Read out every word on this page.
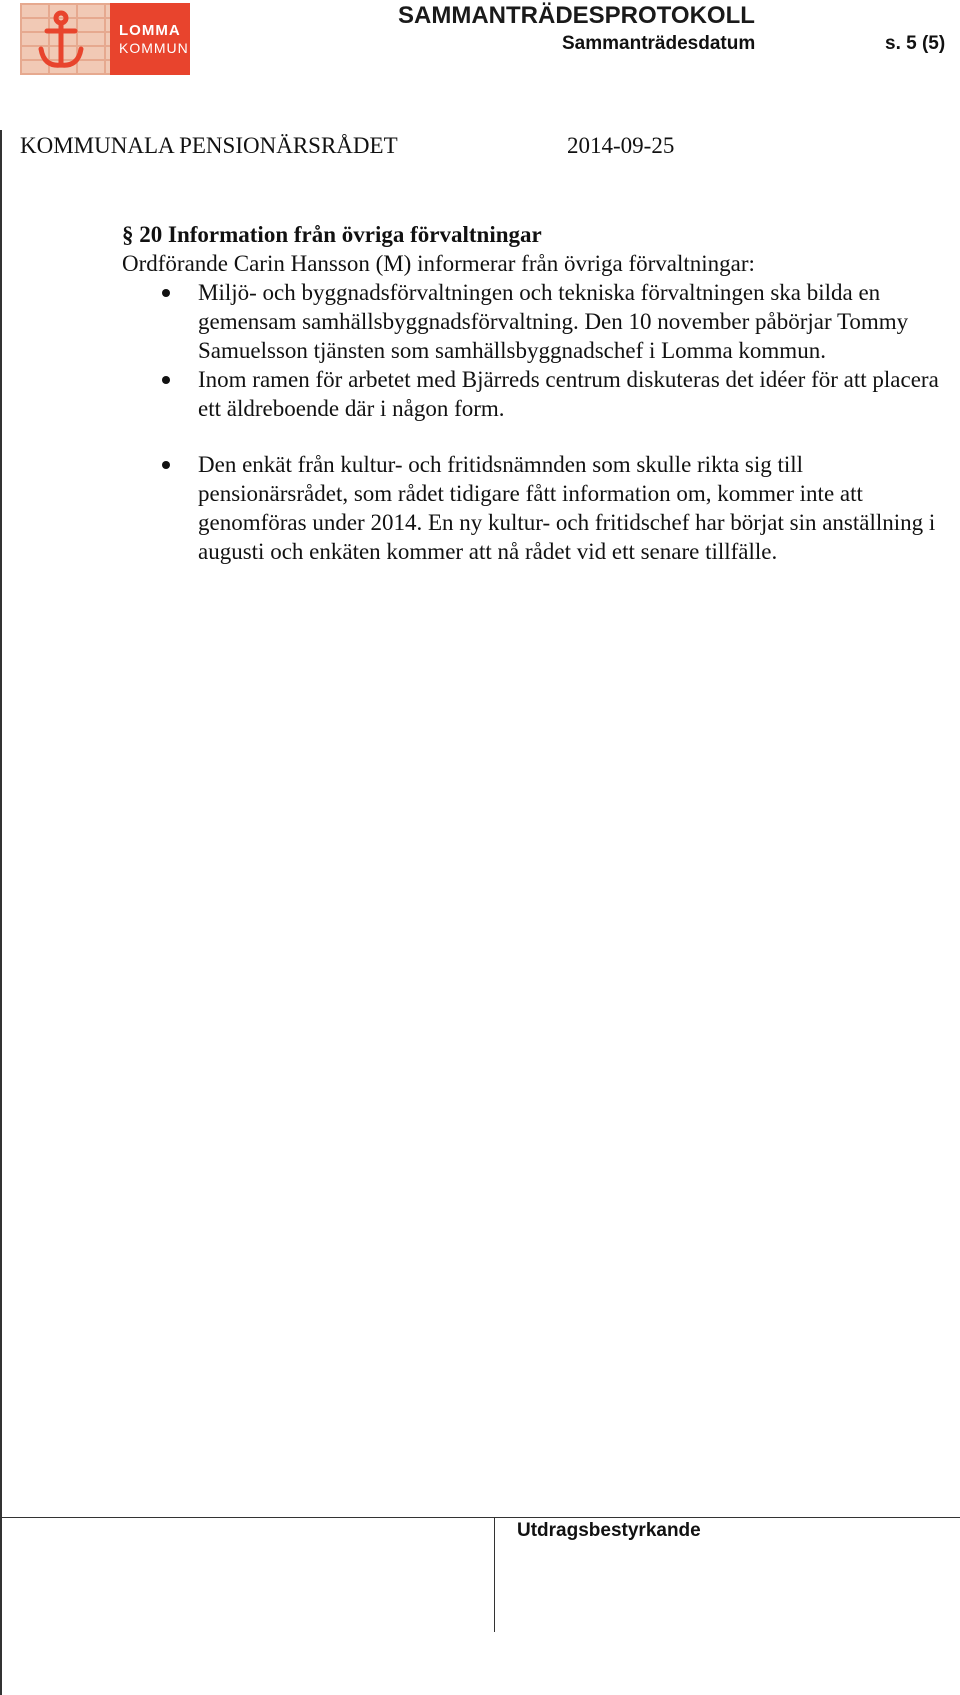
LOMMA
KOMMUN
SAMMANTRÄDESPROTOKOLL
Sammanträdesdatum	s. 5 (5)
KOMMUNALA PENSIONÄRSRÅDET	2014-09-25

§ 20 Information från övriga förvaltningar

Ordförande Carin Hansson (M) informerar från övriga förvaltningar:

Miljö- och byggnadsförvaltningen och tekniska förvaltningen ska bilda en gemensam samhällsbyggnadsförvaltning. Den 10 november påbörjar Tommy Samuelsson tjänsten som samhällsbyggnadschef i Lomma kommun.
Inom ramen för arbetet med Bjärreds centrum diskuteras det idéer för att placera ett äldreboende där i någon form.
Den enkät från kultur- och fritidsnämnden som skulle rikta sig till pensionärsrådet, som rådet tidigare fått information om, kommer inte att genomföras under 2014. En ny kultur- och fritidschef har börjat sin anställning i augusti och enkäten kommer att nå rådet vid ett senare tillfälle.
Utdragsbestyrkande
